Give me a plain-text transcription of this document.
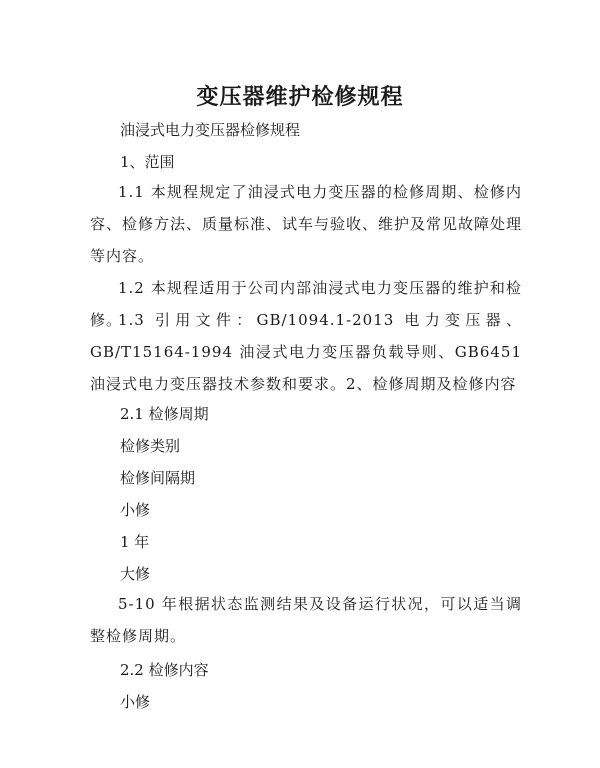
变压器维护检修规程
油浸式电力变压器检修规程
1、范围
1.1 本规程规定了油浸式电力变压器的检修周期、检修内容、检修方法、质量标准、试车与验收、维护及常见故障处理等内容。
1.2 本规程适用于公司内部油浸式电力变压器的维护和检修。
1.3 引用文件：GB/1094.1-2013 电力变压器、GB/T15164-1994 油浸式电力变压器负载导则、GB6451 油浸式电力变压器技术参数和要求。2、检修周期及检修内容
2.1 检修周期
检修类别
检修间隔期
小修
1 年
大修
5-10 年根据状态监测结果及设备运行状况，可以适当调整检修周期。
2.2 检修内容
小修
